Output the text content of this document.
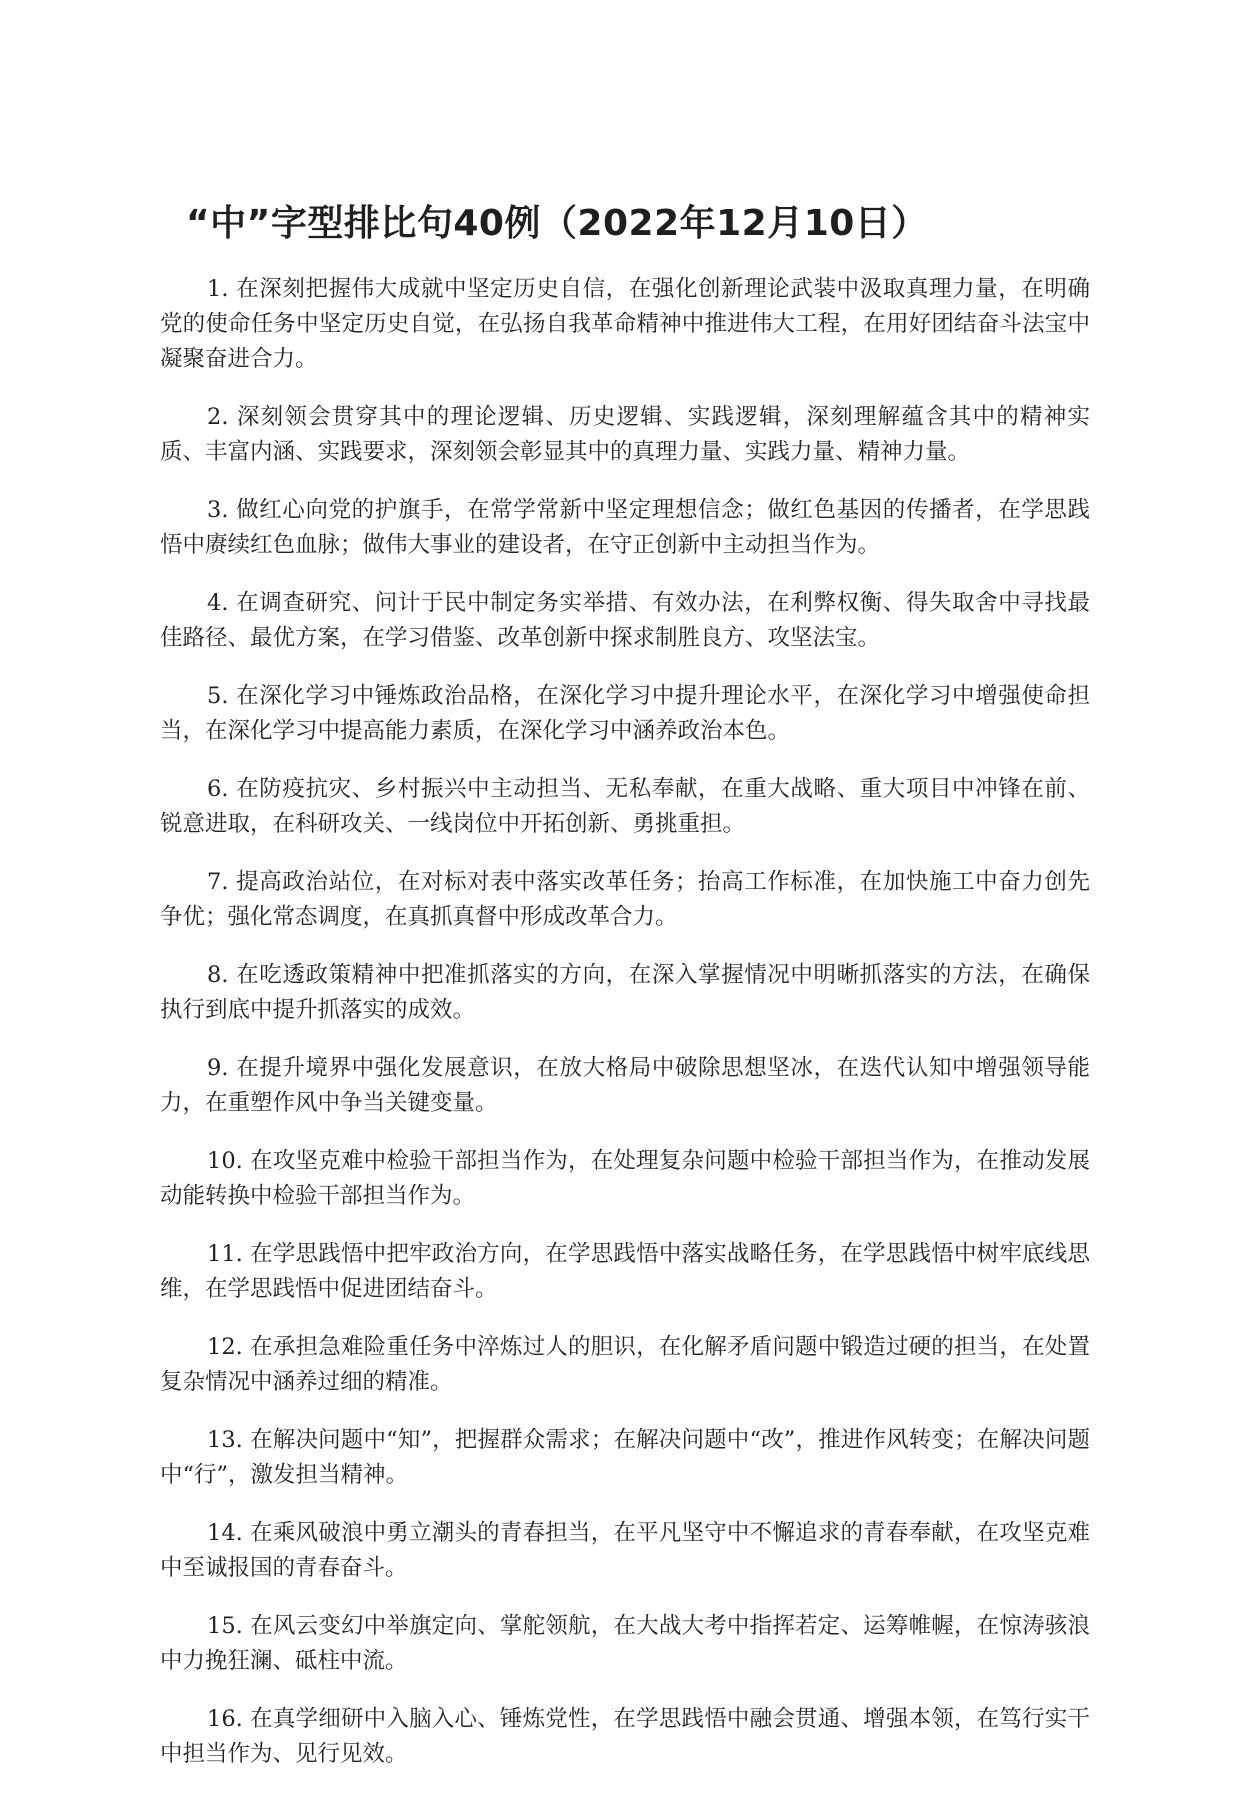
“中”字型排比句40例（2022年12月10日）

1. 在深刻把握伟大成就中坚定历史自信，在强化创新理论武装中汲取真理力量，在明确党的使命任务中坚定历史自觉，在弘扬自我革命精神中推进伟大工程，在用好团结奋斗法宝中凝聚奋进合力。

2. 深刻领会贯穿其中的理论逻辑、历史逻辑、实践逻辑，深刻理解蕴含其中的精神实质、丰富内涵、实践要求，深刻领会彰显其中的真理力量、实践力量、精神力量。

3. 做红心向党的护旗手，在常学常新中坚定理想信念；做红色基因的传播者，在学思践悟中赓续红色血脉；做伟大事业的建设者，在守正创新中主动担当作为。

4. 在调查研究、问计于民中制定务实举措、有效办法，在利弊权衡、得失取舍中寻找最佳路径、最优方案，在学习借鉴、改革创新中探求制胜良方、攻坚法宝。

5. 在深化学习中锤炼政治品格，在深化学习中提升理论水平，在深化学习中增强使命担当，在深化学习中提高能力素质，在深化学习中涵养政治本色。

6. 在防疫抗灾、乡村振兴中主动担当、无私奉献，在重大战略、重大项目中冲锋在前、锐意进取，在科研攻关、一线岗位中开拓创新、勇挑重担。

7. 提高政治站位，在对标对表中落实改革任务；抬高工作标准，在加快施工中奋力创先争优；强化常态调度，在真抓真督中形成改革合力。

8. 在吃透政策精神中把准抓落实的方向，在深入掌握情况中明晰抓落实的方法，在确保执行到底中提升抓落实的成效。

9. 在提升境界中强化发展意识，在放大格局中破除思想坚冰，在迭代认知中增强领导能力，在重塑作风中争当关键变量。

10. 在攻坚克难中检验干部担当作为，在处理复杂问题中检验干部担当作为，在推动发展动能转换中检验干部担当作为。

11. 在学思践悟中把牢政治方向，在学思践悟中落实战略任务，在学思践悟中树牢底线思维，在学思践悟中促进团结奋斗。

12. 在承担急难险重任务中淬炼过人的胆识，在化解矛盾问题中锻造过硬的担当，在处置复杂情况中涵养过细的精准。

13. 在解决问题中“知”，把握群众需求；在解决问题中“改”，推进作风转变；在解决问题中“行”，激发担当精神。

14. 在乘风破浪中勇立潮头的青春担当，在平凡坚守中不懈追求的青春奉献，在攻坚克难中至诚报国的青春奋斗。

15. 在风云变幻中举旗定向、掌舵领航，在大战大考中指挥若定、运筹帷幄，在惊涛骇浪中力挽狂澜、砥柱中流。

16. 在真学细研中入脑入心、锤炼党性，在学思践悟中融会贯通、增强本领，在笃行实干中担当作为、见行见效。
